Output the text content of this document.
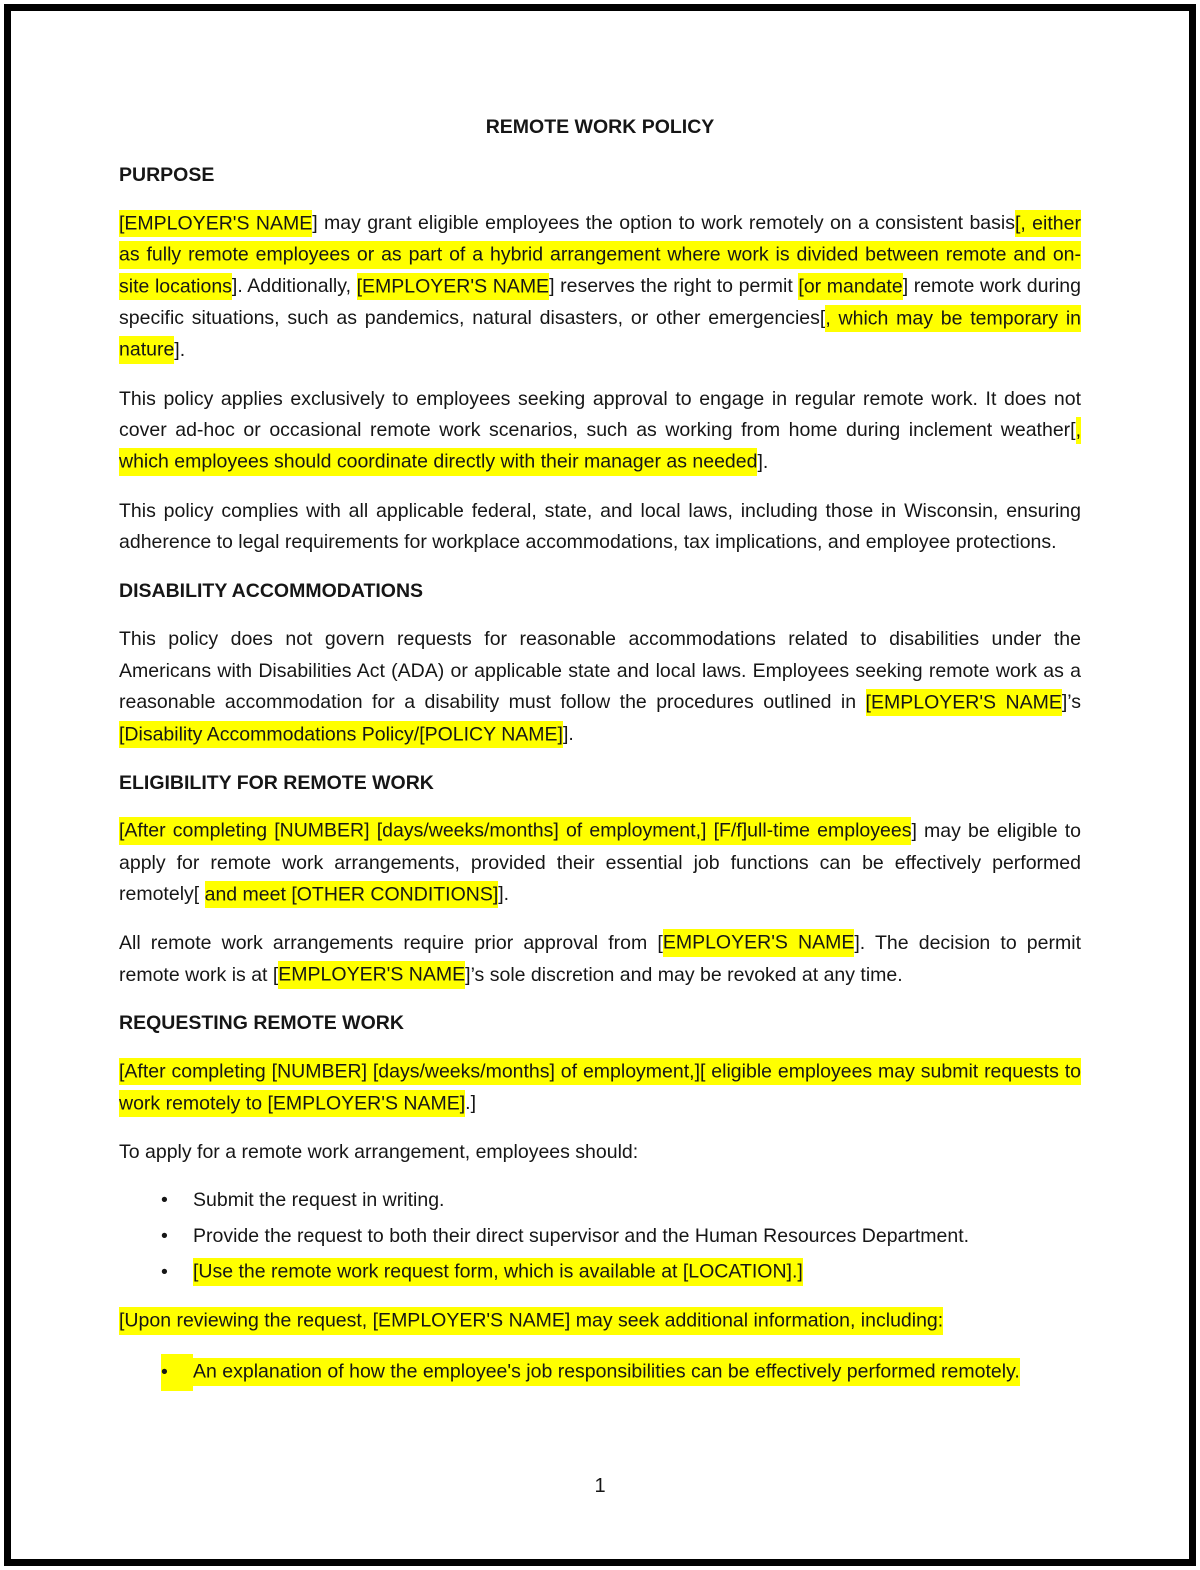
REMOTE WORK POLICY
PURPOSE
[EMPLOYER'S NAME] may grant eligible employees the option to work remotely on a consistent basis[, either as fully remote employees or as part of a hybrid arrangement where work is divided between remote and on-site locations]. Additionally, [EMPLOYER'S NAME] reserves the right to permit [or mandate] remote work during specific situations, such as pandemics, natural disasters, or other emergencies[, which may be temporary in nature].
This policy applies exclusively to employees seeking approval to engage in regular remote work. It does not cover ad-hoc or occasional remote work scenarios, such as working from home during inclement weather[, which employees should coordinate directly with their manager as needed].
This policy complies with all applicable federal, state, and local laws, including those in Wisconsin, ensuring adherence to legal requirements for workplace accommodations, tax implications, and employee protections.
DISABILITY ACCOMMODATIONS
This policy does not govern requests for reasonable accommodations related to disabilities under the Americans with Disabilities Act (ADA) or applicable state and local laws. Employees seeking remote work as a reasonable accommodation for a disability must follow the procedures outlined in [EMPLOYER'S NAME]’s [Disability Accommodations Policy/[POLICY NAME]].
ELIGIBILITY FOR REMOTE WORK
[After completing [NUMBER] [days/weeks/months] of employment,] [F/f]ull-time employees] may be eligible to apply for remote work arrangements, provided their essential job functions can be effectively performed remotely[ and meet [OTHER CONDITIONS]].
All remote work arrangements require prior approval from [EMPLOYER'S NAME]. The decision to permit remote work is at [EMPLOYER'S NAME]’s sole discretion and may be revoked at any time.
REQUESTING REMOTE WORK
[After completing [NUMBER] [days/weeks/months] of employment,][ eligible employees may submit requests to work remotely to [EMPLOYER'S NAME].]
To apply for a remote work arrangement, employees should:
• Submit the request in writing.
• Provide the request to both their direct supervisor and the Human Resources Department.
• [Use the remote work request form, which is available at [LOCATION].]
[Upon reviewing the request, [EMPLOYER'S NAME] may seek additional information, including:
• An explanation of how the employee's job responsibilities can be effectively performed remotely.
1
